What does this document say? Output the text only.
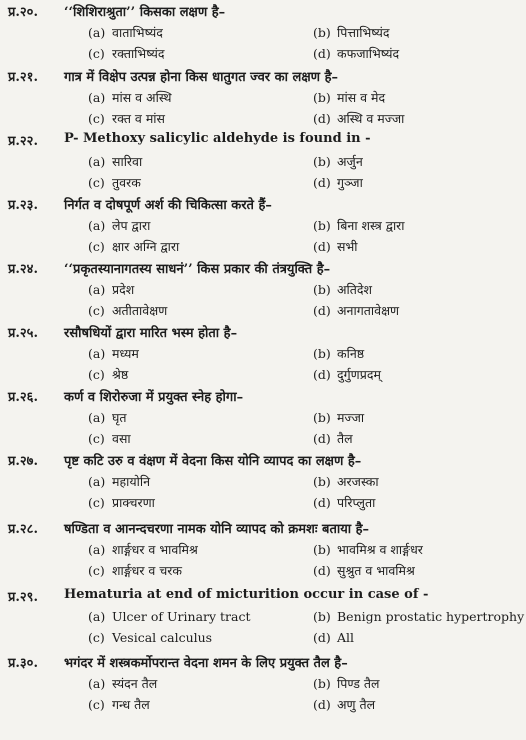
प्र.२०.	‘‘शिशिराश्रुता’’ किसका लक्षण है–
(a) वाताभिष्यंद	(b) पित्ताभिष्यंद
(c) रक्ताभिष्यंद	(d) कफजाभिष्यंद
प्र.२१.	गात्र में विक्षेप उत्पन्न होना किस धातुगत ज्वर का लक्षण है–
(a) मांस व अस्थि	(b) मांस व मेद
(c) रक्त व मांस	(d) अस्थि व मज्जा
प्र.२२.	P- Methoxy salicylic aldehyde is found in -
(a) सारिवा	(b) अर्जुन
(c) तुवरक	(d) गुञ्जा
प्र.२३.	निर्गत व दोषपूर्ण अर्श की चिकित्सा करते हैं–
(a) लेप द्वारा	(b) बिना शस्त्र द्वारा
(c) क्षार अग्नि द्वारा	(d) सभी
प्र.२४.	‘‘प्रकृतस्यानागतस्य साधनं’’ किस प्रकार की तंत्रयुक्ति है–
(a) प्रदेश	(b) अतिदेश
(c) अतीतावेक्षण	(d) अनागतावेक्षण
प्र.२५.	रसौषधियों द्वारा मारित भस्म होता है–
(a) मध्यम	(b) कनिष्ठ
(c) श्रेष्ठ	(d) दुर्गुणप्रदम्
प्र.२६.	कर्ण व शिरोरुजा में प्रयुक्त स्नेह होगा–
(a) घृत	(b) मज्जा
(c) वसा	(d) तैल
प्र.२७.	पृष्ट कटि उरु व वंक्षण में वेदना किस योनि व्यापद का लक्षण है–
(a) महायोनि	(b) अरजस्का
(c) प्राक्चरणा	(d) परिप्लुता
प्र.२८.	षण्डिता व आनन्दचरणा नामक योनि व्यापद को क्रमशः बताया है–
(a) शार्ङ्गधर व भावमिश्र	(b) भावमिश्र व शार्ङ्गधर
(c) शार्ङ्गधर व चरक	(d) सुश्रुत व भावमिश्र
प्र.२९.	Hematuria at end of micturition occur in case of -
(a) Ulcer of Urinary tract	(b) Benign prostatic hypertrophy
(c) Vesical calculus	(d) All
प्र.३०.	भगंदर में शस्त्रकर्मोपरान्त वेदना शमन के लिए प्रयुक्त तैल है–
(a) स्यंदन तैल	(b) पिण्ड तैल
(c) गन्ध तैल	(d) अणु तैल
